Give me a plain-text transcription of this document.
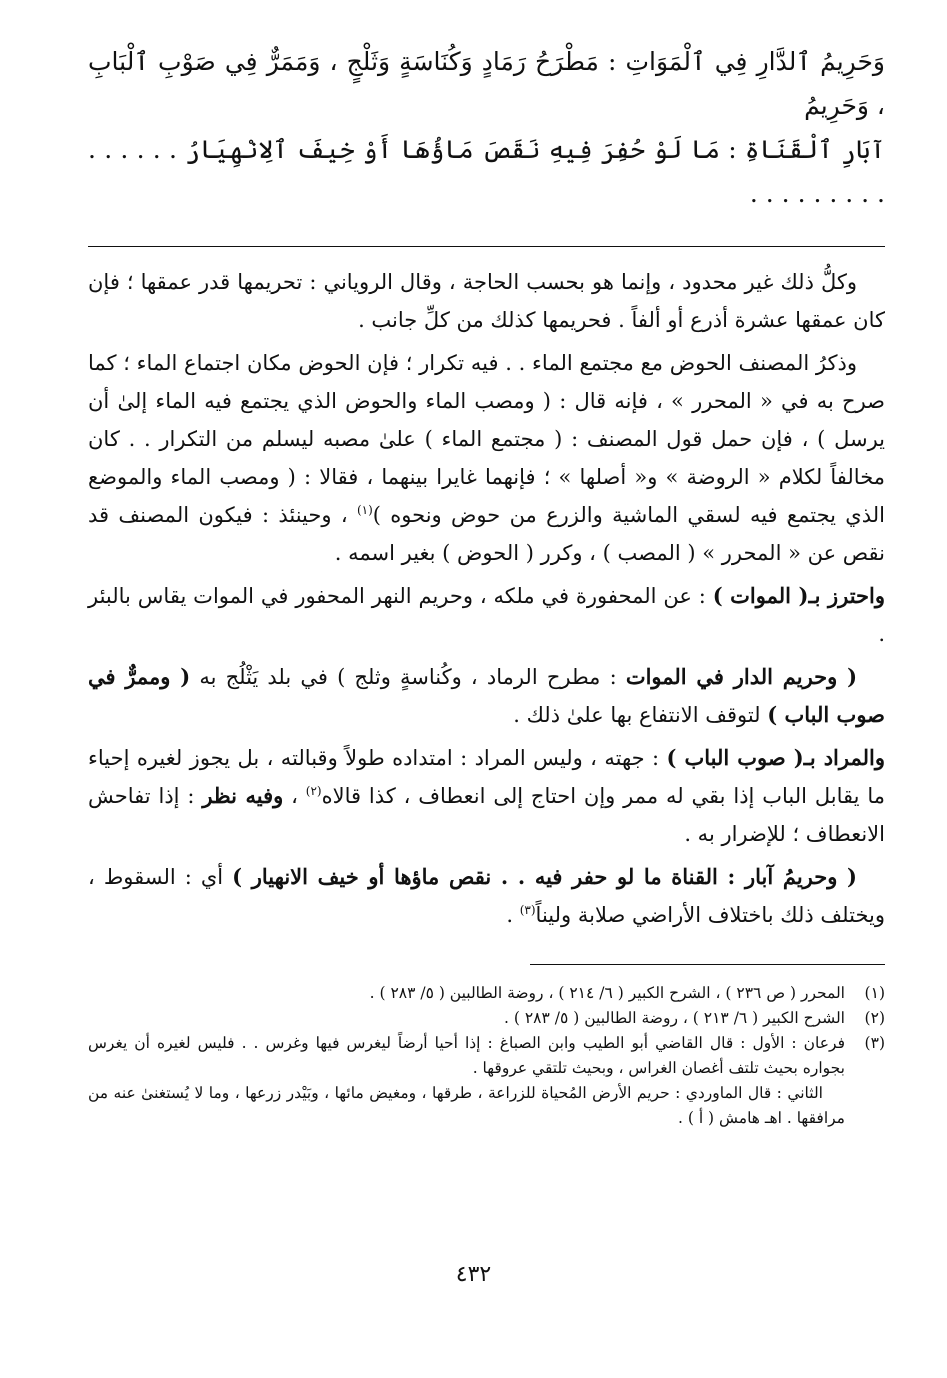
وَحَرِيمُ ٱلدَّارِ فِي ٱلْمَوَاتِ : مَطْرَحُ رَمَادٍ وَكُنَاسَةٍ وَثَلْجٍ ، وَمَمَرٌّ فِي صَوْبِ ٱلْبَابِ ، وَحَرِيمُ

آبَارِ ٱلْقَنَاةِ : مَا لَوْ حُفِرَ فِيهِ نَقَصَ مَاؤُهَا أَوْ خِيفَ ٱلِانْهِيَارُ . . . . . . . . . . . . . . .

وكلُّ ذلك غير محدود ، وإنما هو بحسب الحاجة ، وقال الروياني : تحريمها قدر عمقها ؛ فإن كان عمقها عشرة أذرع أو ألفاً . فحريمها كذلك من كلِّ جانب .

وذكرُ المصنف الحوض مع مجتمع الماء . . فيه تكرار ؛ فإن الحوض مكان اجتماع الماء ؛ كما صرح به في « المحرر » ، فإنه قال : ( ومصب الماء والحوض الذي يجتمع فيه الماء إلىٰ أن يرسل ) ، فإن حمل قول المصنف : ( مجتمع الماء ) علىٰ مصبه ليسلم من التكرار . . كان مخالفاً لكلام « الروضة » و« أصلها » ؛ فإنهما غايرا بينهما ، فقالا : ( ومصب الماء والموضع الذي يجتمع فيه لسقي الماشية والزرع من حوض ونحوه )$^{(١)}$ ، وحينئذ : فيكون المصنف قد نقص عن « المحرر » ( المصب ) ، وكرر ( الحوض ) بغير اسمه .

واحترز بـ( الموات ) : عن المحفورة في ملكه ، وحريم النهر المحفور في الموات يقاس بالبئر .

( وحريم الدار في الموات : مطرح الرماد ، وكُناسةٍ وثلج ) في بلد يَثْلُج به ( وممرٌّ في صوب الباب ) لتوقف الانتفاع بها علىٰ ذلك .

والمراد بـ( صوب الباب ) : جهته ، وليس المراد : امتداده طولاً وقبالته ، بل يجوز لغيره إحياء ما يقابل الباب إذا بقي له ممر وإن احتاج إلى انعطاف ، كذا قالاه$^{(٢)}$ ، وفيه نظر : إذا تفاحش الانعطاف ؛ للإضرار به .

( وحريمُ آبار : القناة ما لو حفر فيه . . نقص ماؤها أو خيف الانهيار ) أي : السقوط ، ويختلف ذلك باختلاف الأراضي صلابة وليناً$^{(٣)}$ .

(١)

المحرر ( ص ٢٣٦ ) ، الشرح الكبير ( ٦/ ٢١٤ ) ، روضة الطالبين ( ٥/ ٢٨٣ ) .

(٢)

الشرح الكبير ( ٦/ ٢١٣ ) ، روضة الطالبين ( ٥/ ٢٨٣ ) .

(٣)

فرعان : الأول : قال القاضي أبو الطيب وابن الصباغ : إذا أحيا أرضاً ليغرس فيها وغرس . . فليس لغيره أن يغرس بجواره بحيث تلتف أغصان الغراس ، وبحيث تلتقي عروقها .

الثاني : قال الماوردي : حريم الأرض المُحياة للزراعة ، طرقها ، ومغيض مائها ، وبَيْدر زرعها ، وما لا يُستغنىٰ عنه من مرافقها . اهـ هامش ( أ ) .

٤٣٢
